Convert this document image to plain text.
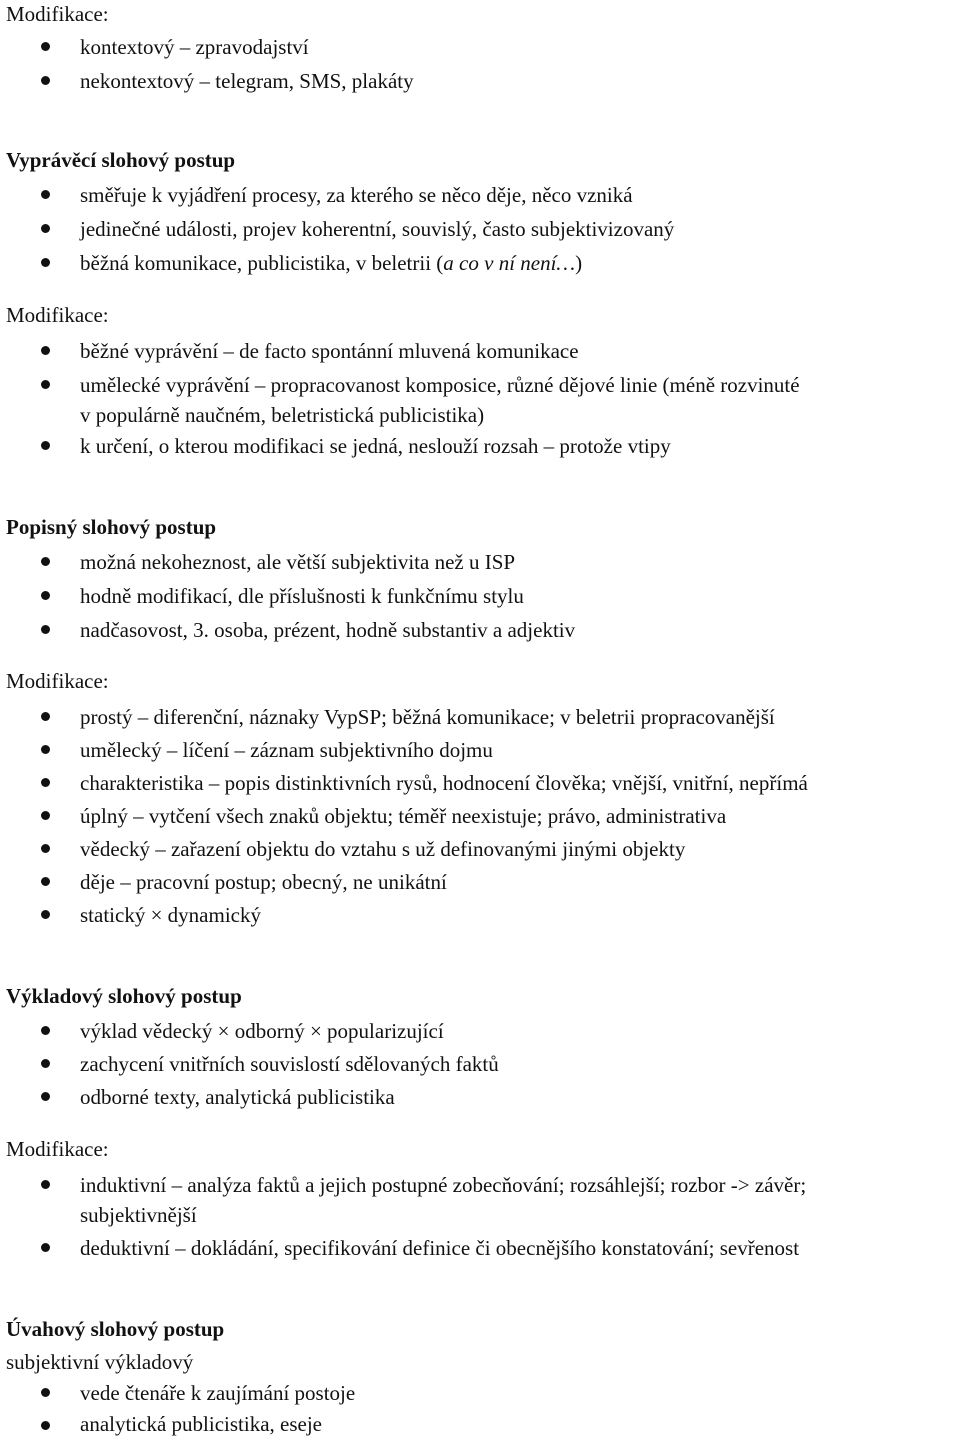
Modifikace:
kontextový – zpravodajství
nekontextový – telegram, SMS, plakáty
Vyprávěcí slohový postup
směřuje k vyjádření procesy, za kterého se něco děje, něco vzniká
jedinečné události, projev koherentní, souvislý, často subjektivizovaný
běžná komunikace, publicistika, v beletrii (a co v ní není…)
Modifikace:
běžné vyprávění – de facto spontánní mluvená komunikace
umělecké vyprávění – propracovanost komposice, různé dějové linie (méně rozvinuté
v populárně naučném, beletristická publicistika)
k určení, o kterou modifikaci se jedná, neslouží rozsah – protože vtipy
Popisný slohový postup
možná nekoheznost, ale větší subjektivita než u ISP
hodně modifikací, dle příslušnosti k funkčnímu stylu
nadčasovost, 3. osoba, prézent, hodně substantiv a adjektiv
Modifikace:
prostý – diferenční, náznaky VypSP; běžná komunikace; v beletrii propracovanější
umělecký – líčení – záznam subjektivního dojmu
charakteristika – popis distinktivních rysů, hodnocení člověka; vnější, vnitřní, nepřímá
úplný – vytčení všech znaků objektu; téměř neexistuje; právo, administrativa
vědecký – zařazení objektu do vztahu s už definovanými jinými objekty
děje – pracovní postup; obecný, ne unikátní
statický × dynamický
Výkladový slohový postup
výklad vědecký × odborný × popularizující
zachycení vnitřních souvislostí sdělovaných faktů
odborné texty, analytická publicistika
Modifikace:
induktivní – analýza faktů a jejich postupné zobecňování; rozsáhlejší; rozbor -> závěr;
subjektivnější
deduktivní – dokládání, specifikování definice či obecnějšího konstatování; sevřenost
Úvahový slohový postup
subjektivní výkladový
vede čtenáře k zaujímání postoje
analytická publicistika, eseje
